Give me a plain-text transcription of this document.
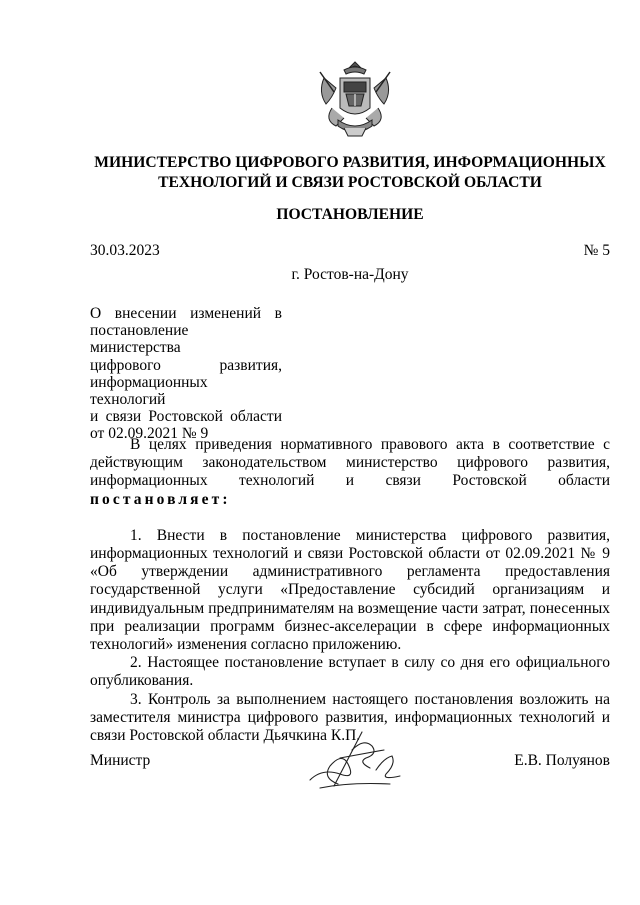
МИНИСТЕРСТВО ЦИФРОВОГО РАЗВИТИЯ, ИНФОРМАЦИОННЫХ
ТЕХНОЛОГИЙ И СВЯЗИ РОСТОВСКОЙ ОБЛАСТИ
ПОСТАНОВЛЕНИЕ
30.03.2023	№ 5
г. Ростов-на-Дону
О внесении изменений в
постановление министерства
цифрового развития,
информационных технологий
и связи Ростовской области
от 02.09.2021 № 9

В целях приведения нормативного правового акта в соответствие с действующим законодательством министерство цифрового развития, информационных технологий и связи Ростовской области постановляет:

1. Внести в постановление министерства цифрового развития, информационных технологий и связи Ростовской области от 02.09.2021 № 9 «Об утверждении административного регламента предоставления государственной услуги «Предоставление субсидий организациям и индивидуальным предпринимателям на возмещение части затрат, понесенных при реализации программ бизнес-акселерации в сфере информационных технологий» изменения согласно приложению.

2. Настоящее постановление вступает в силу со дня его официального опубликования.

3. Контроль за выполнением настоящего постановления возложить на заместителя министра цифрового развития, информационных технологий и связи Ростовской области Дьячкина К.П.

Министр	Е.В. Полуянов
